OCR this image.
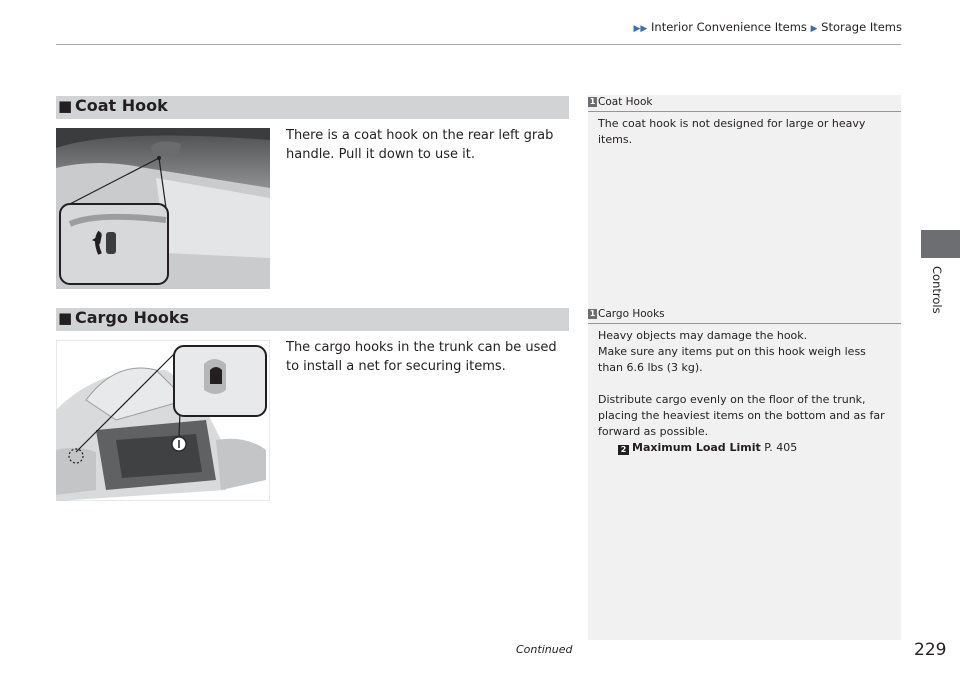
▶▶ Interior Convenience Items ▶ Storage Items
Controls
■ Coat Hook
There is a coat hook on the rear left grab handle. Pull it down to use it.
1 Coat Hook

The coat hook is not designed for large or heavy items.

■ Cargo Hooks
The cargo hooks in the trunk can be used to install a net for securing items.
1 Cargo Hooks

Heavy objects may damage the hook.

Make sure any items put on this hook weigh less than 6.6 lbs (3 kg).

Distribute cargo evenly on the floor of the trunk, placing the heaviest items on the bottom and as far forward as possible.

2 Maximum Load Limit P. 405

Continued	229
